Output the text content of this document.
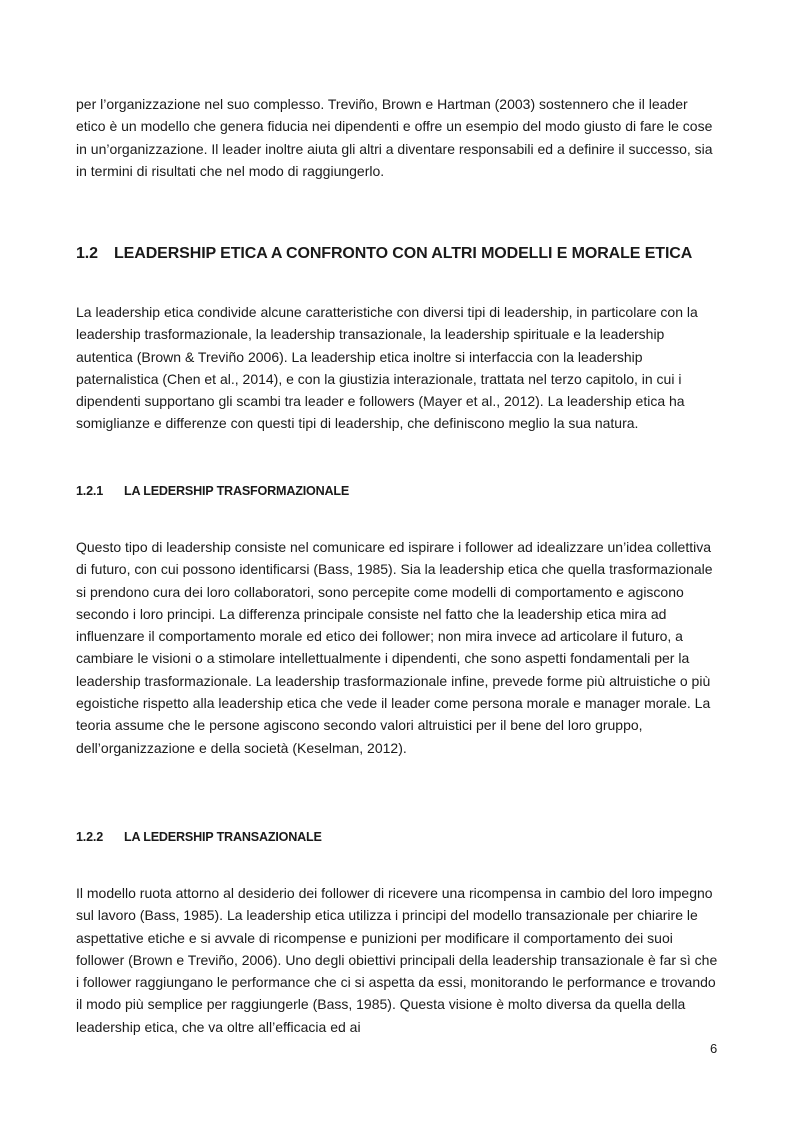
per l’organizzazione nel suo complesso. Treviño, Brown e Hartman (2003) sostennero che il leader etico è un modello che genera fiducia nei dipendenti e offre un esempio del modo giusto di fare le cose in un’organizzazione. Il leader inoltre aiuta gli altri a diventare responsabili ed a definire il successo, sia in termini di risultati che nel modo di raggiungerlo.

1.2	LEADERSHIP ETICA A CONFRONTO CON ALTRI MODELLI E MORALE ETICA

La leadership etica condivide alcune caratteristiche con diversi tipi di leadership, in particolare con la leadership trasformazionale, la leadership transazionale, la leadership spirituale e la leadership autentica (Brown & Treviño 2006). La leadership etica inoltre si interfaccia con la leadership paternalistica (Chen et al., 2014), e con la giustizia interazionale, trattata nel terzo capitolo, in cui i dipendenti supportano gli scambi tra leader e followers (Mayer et al., 2012). La leadership etica ha somiglianze e differenze con questi tipi di leadership, che definiscono meglio la sua natura.

1.2.1	LA LEDERSHIP TRASFORMAZIONALE

Questo tipo di leadership consiste nel comunicare ed ispirare i follower ad idealizzare un’idea collettiva di futuro, con cui possono identificarsi (Bass, 1985). Sia la leadership etica che quella trasformazionale si prendono cura dei loro collaboratori, sono percepite come modelli di comportamento e agiscono secondo i loro principi. La differenza principale consiste nel fatto che la leadership etica mira ad influenzare il comportamento morale ed etico dei follower; non mira invece ad articolare il futuro, a cambiare le visioni o a stimolare intellettualmente i dipendenti, che sono aspetti fondamentali per la leadership trasformazionale. La leadership trasformazionale infine, prevede forme più altruistiche o più egoistiche rispetto alla leadership etica che vede il leader come persona morale e manager morale. La teoria assume che le persone agiscono secondo valori altruistici per il bene del loro gruppo, dell’organizzazione e della società (Keselman, 2012).

1.2.2	LA LEDERSHIP TRANSAZIONALE

Il modello ruota attorno al desiderio dei follower di ricevere una ricompensa in cambio del loro impegno sul lavoro (Bass, 1985). La leadership etica utilizza i principi del modello transazionale per chiarire le aspettative etiche e si avvale di ricompense e punizioni per modificare il comportamento dei suoi follower (Brown e Treviño, 2006). Uno degli obiettivi principali della leadership transazionale è far sì che i follower raggiungano le performance che ci si aspetta da essi, monitorando le performance e trovando il modo più semplice per raggiungerle (Bass, 1985). Questa visione è molto diversa da quella della leadership etica, che va oltre all’efficacia ed ai

6
